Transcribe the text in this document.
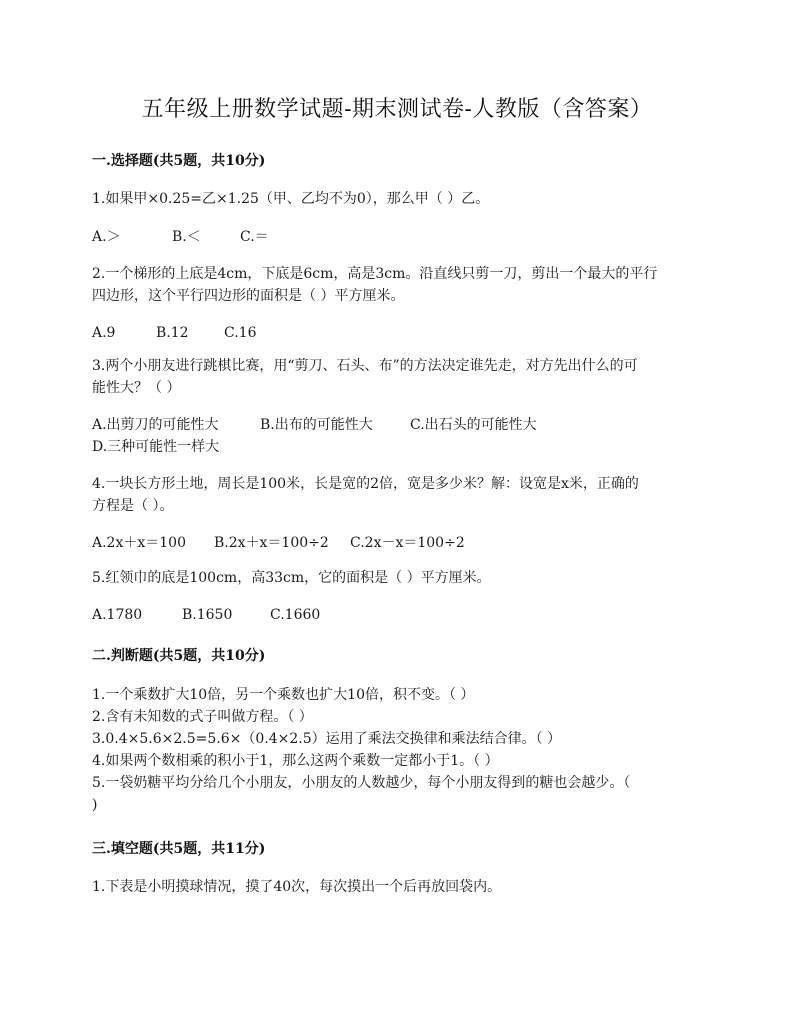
五年级上册数学试题-期末测试卷-人教版（含答案）
一.选择题(共5题，共10分)
1.如果甲×0.25=乙×1.25（甲、乙均不为0），那么甲（ ）乙。
A.＞	B.＜	C.＝
2.一个梯形的上底是4cm，下底是6cm，高是3cm。沿直线只剪一刀，剪出一个最大的平行
四边形，这个平行四边形的面积是（ ）平方厘米。
A.9	B.12	C.16
3.两个小朋友进行跳棋比赛，用“剪刀、石头、布”的方法决定谁先走，对方先出什么的可
能性大？（ ）
A.出剪刀的可能性大	B.出布的可能性大	C.出石头的可能性大
D.三种可能性一样大
4.一块长方形土地，周长是100米，长是宽的2倍，宽是多少米？解：设宽是x米，正确的
方程是（ ）。
A.2x＋x＝100 B.2x＋x＝100÷2 C.2x－x＝100÷2
5.红领巾的底是100cm，高33cm，它的面积是（ ）平方厘米。
A.1780	B.1650	C.1660
二.判断题(共5题，共10分)
1.一个乘数扩大10倍，另一个乘数也扩大10倍，积不变。（ ）
2.含有未知数的式子叫做方程。（ ）
3.0.4×5.6×2.5=5.6×（0.4×2.5）运用了乘法交换律和乘法结合律。（ ）
4.如果两个数相乘的积小于1，那么这两个乘数一定都小于1。（ ）
5.一袋奶糖平均分给几个小朋友，小朋友的人数越少，每个小朋友得到的糖也会越少。（
)
三.填空题(共5题，共11分)
1.下表是小明摸球情况，摸了40次，每次摸出一个后再放回袋内。
